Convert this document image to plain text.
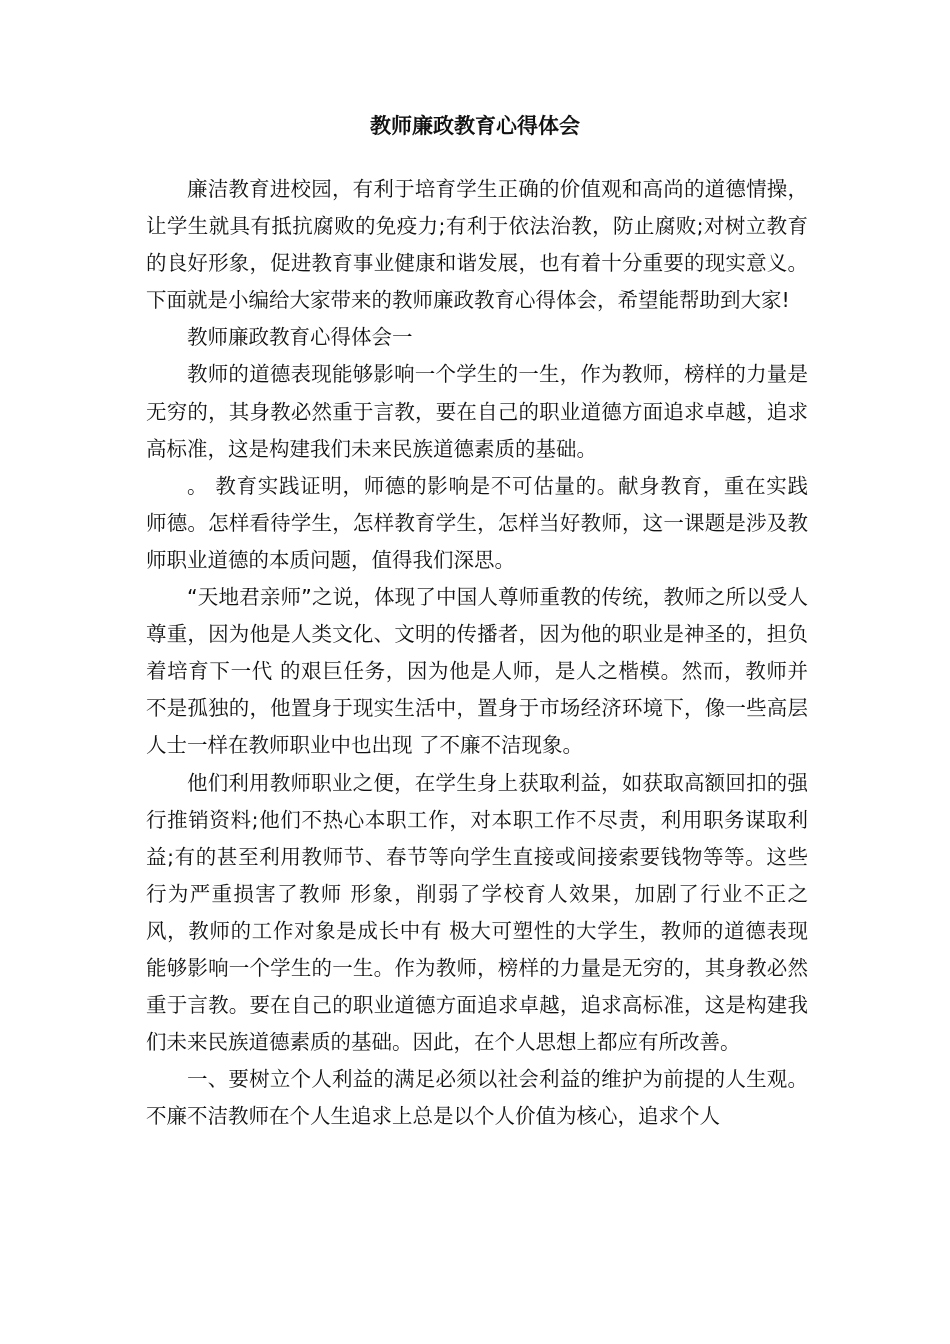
教师廉政教育心得体会

廉洁教育进校园，有利于培育学生正确的价值观和高尚的道德情操，让学生就具有抵抗腐败的免疫力;有利于依法治教，防止腐败;对树立教育的良好形象，促进教育事业健康和谐发展，也有着十分重要的现实意义。下面就是小编给大家带来的教师廉政教育心得体会，希望能帮助到大家!

教师廉政教育心得体会一

教师的道德表现能够影响一个学生的一生，作为教师，榜样的力量是无穷的，其身教必然重于言教，要在自己的职业道德方面追求卓越，追求高标准，这是构建我们未来民族道德素质的基础。

。 教育实践证明，师德的影响是不可估量的。献身教育，重在实践师德。怎样看待学生，怎样教育学生，怎样当好教师，这一课题是涉及教师职业道德的本质问题，值得我们深思。

“天地君亲师”之说，体现了中国人尊师重教的传统，教师之所以受人尊重，因为他是人类文化、文明的传播者，因为他的职业是神圣的，担负着培育下一代 的艰巨任务，因为他是人师，是人之楷模。然而，教师并不是孤独的，他置身于现实生活中，置身于市场经济环境下，像一些高层人士一样在教师职业中也出现 了不廉不洁现象。

他们利用教师职业之便，在学生身上获取利益，如获取高额回扣的强行推销资料;他们不热心本职工作，对本职工作不尽责，利用职务谋取利益;有的甚至利用教师节、春节等向学生直接或间接索要钱物等等。这些行为严重损害了教师 形象，削弱了学校育人效果，加剧了行业不正之风，教师的工作对象是成长中有 极大可塑性的大学生，教师的道德表现能够影响一个学生的一生。作为教师，榜样的力量是无穷的，其身教必然重于言教。要在自己的职业道德方面追求卓越，追求高标准，这是构建我们未来民族道德素质的基础。因此，在个人思想上都应有所改善。

一、要树立个人利益的满足必须以社会利益的维护为前提的人生观。不廉不洁教师在个人生追求上总是以个人价值为核心，追求个人
